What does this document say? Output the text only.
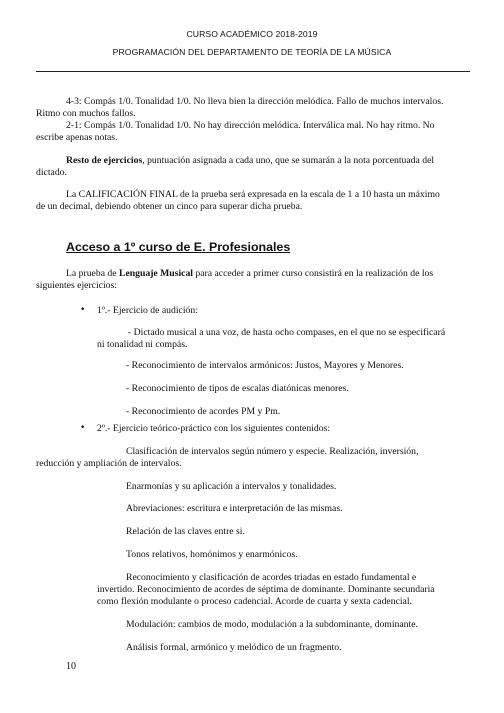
CURSO ACADÉMICO 2018-2019
PROGRAMACIÓN DEL DEPARTAMENTO DE TEORÍA DE LA MÚSICA
4-3: Compás 1/0. Tonalidad 1/0. No lleva bien la dirección melódica. Fallo de muchos intervalos.
Ritmo con muchos fallos.
2-1: Compás 1/0. Tonalidad 1/0. No hay dirección melódica. Interválica mal. No hay ritmo. No
escribe apenas notas.
Resto de ejercicios, puntuación asignada a cada uno, que se sumarán a la nota porcentuada del
dictado.
La CALIFICACIÓN FINAL de la prueba será expresada en la escala de 1 a 10 hasta un máximo
de un decimal, debiendo obtener un cinco para superar dicha prueba.
Acceso a 1º curso de E. Profesionales
La prueba de Lenguaje Musical para acceder a primer curso consistirá en la realización de los
siguientes ejercicios:
• 1º.- Ejercicio de audición:
- Dictado musical a una voz, de hasta ocho compases, en el que no se especificará
ni tonalidad ni compás.
- Reconocimiento de intervalos armónicos: Justos, Mayores y Menores.
- Reconocimiento de tipos de escalas diatónicas menores.
- Reconocimiento de acordes PM y Pm.
• 2º.- Ejercicio teórico-práctico con los siguientes contenidos:
Clasificación de intervalos según número y especie. Realización, inversión,
reducción y ampliación de intervalos.
Enarmonías y su aplicación a intervalos y tonalidades.
Abreviaciones: escritura e interpretación de las mismas.
Relación de las claves entre si.
Tonos relativos, homónimos y enarmónicos.
Reconocimiento y clasificación de acordes triadas en estado fundamental e
invertido. Reconocimiento de acordes de séptima de dominante. Dominante secundaria
como flexión modulante o proceso cadencial. Acorde de cuarta y sexta cadencial.
Modulación: cambios de modo, modulación a la subdominante, dominante.
Análisis formal, armónico y melódico de un fragmento.
10
